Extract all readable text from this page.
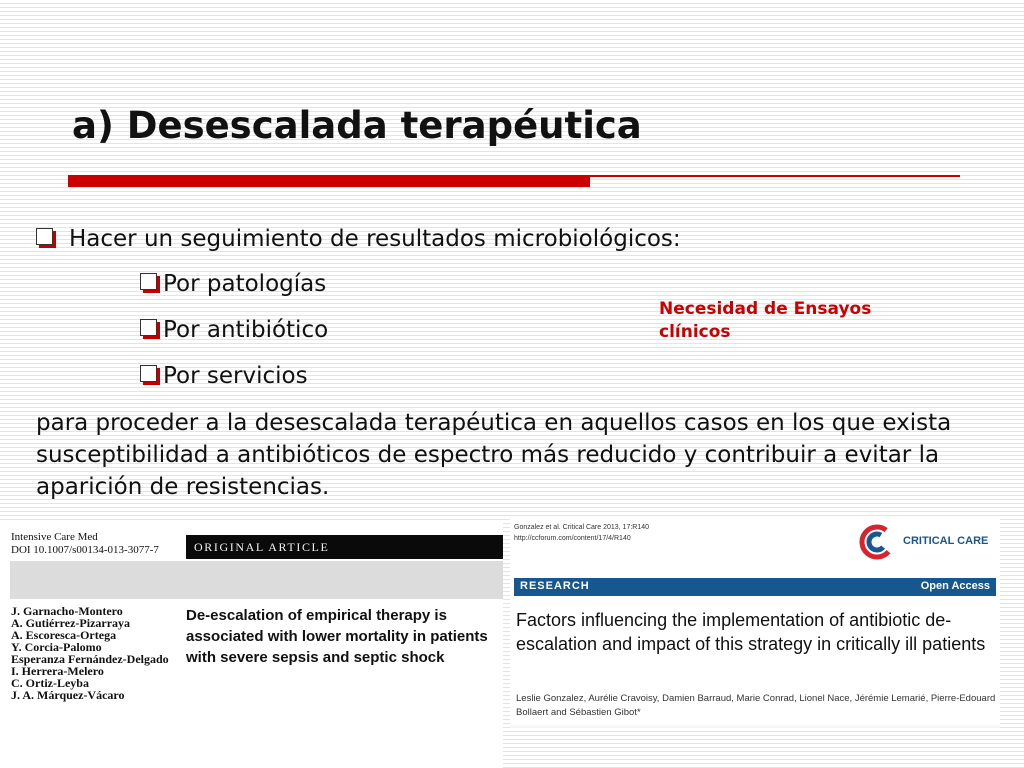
a) Desescalada terapéutica
Hacer un seguimiento de resultados microbiológicos:
Por patologías
Por antibiótico
Por servicios
Necesidad de Ensayos clínicos
para proceder a la desescalada terapéutica en aquellos casos en los que exista susceptibilidad a antibióticos de espectro más reducido y contribuir a evitar la aparición de resistencias.
Intensive Care Med
DOI 10.1007/s00134-013-3077-7	ORIGINAL ARTICLE
J. Garnacho-Montero
A. Gutiérrez-Pizarraya
A. Escoresca-Ortega
Y. Corcia-Palomo
Esperanza Fernández-Delgado
I. Herrera-Melero
C. Ortiz-Leyba
J. A. Márquez-Vácaro
De-escalation of empirical therapy is associated with lower mortality in patients with severe sepsis and septic shock
Gonzalez et al. Critical Care 2013, 17:R140
http://ccforum.com/content/17/4/R140	CRITICAL CARE
RESEARCH	Open Access
Factors influencing the implementation of antibiotic de-escalation and impact of this strategy in critically ill patients
Leslie Gonzalez, Aurélie Cravoisy, Damien Barraud, Marie Conrad, Lionel Nace, Jérémie Lemarié, Pierre-Edouard Bollaert and Sébastien Gibot*
